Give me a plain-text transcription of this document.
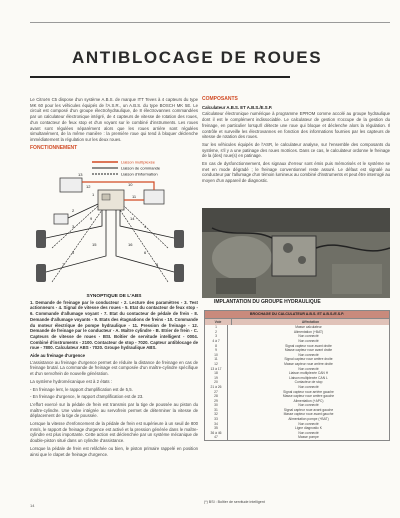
ANTIBLOCAGE DE ROUES

Le Citroën C5 dispose d'un système A.B.S. de marque ITT Teves à 4 capteurs du type MK 60 pour les véhicules équipés de l'A.S.R., un A.B.S. du type BOSCH MK 5E. Le circuit est composé d'un groupe électrohydraulique, de 8 électrovannes commandées par un calculateur électronique intégré, de 4 capteurs de vitesse de rotation des roues, d'un contacteur de feux stop et d'un voyant sur le combiné d'instruments. Les roues avant sont régulées séparément alors que les roues arrière sont régulées simultanément, de la même manière : la première roue qui tend à bloquer déclenche immédiatement la régulation sur les deux roues.

FONCTIONNEMENT
Liaison multiplexée
Liaison de commande
Liaison d'information
13
12
1	11
10
2
3	4
5	6
7	8
9	14
15	16
SYNOPTIQUE DE L'ABS

1. Demande de freinage par le conducteur - 2. Lecture des paramètres - 3. Test actionneurs - 4. Signal de vitesse des roues - 5. Etat du contacteur de feux stop - 6. Commande d'allumage voyant - 7. Etat du contacteur de pédale de frein - 8. Demande d'allumage voyants - 9. Etats des étagnations de freins - 10. Commande du moteur électrique de pompe hydraulique - 11. Pression de freinage - 12. Demande de freinage par le conducteur - A. Maître cylindre - B. Etrier de frein - C. Capteurs de vitesse de roues - BSI. Boîtier de servitude intelligent - 0004. Combiné d'instruments - 2100. Contacteur de stop - 7020. Capteur antiblocage de roue - 7800. Calculateur ABS - 7020. Groupe hydraulique ABS.

Aide au freinage d'urgence

L'assistance au freinage d'urgence permet de réduire la distance de freinage en cas de freinage brutal. La commande de freinage est composée d'un maître-cylindre spécifique et d'un servofrein de nouvelle génération.

La système hydromécanique est à 2 états :

- En freinage lent, le rapport d'amplification est de 5,5.

- En freinage d'urgence, le rapport d'amplification est de 23.

L'effort exercé sur la pédale de frein est transmis par la tige de poussée au piston du maître-cylindre. Une valve intégrée au servofrein permet de déterminer la vitesse de déplacement de la tige de poussée.

Lorsque la vitesse d'enfoncement de la pédale de frein est supérieure à un seuil de 800 mm/s, le rapport de freinage d'urgence est activé et la pression générée dans le maître-cylindre est plus importante. Cette action est déclenchée par un système mécanique de double-piston situé dans un cylindre d'assistance.

Lorsque la pédale de frein est relâchée ou bien, le piston primaire rappelé en position ainsi que le clapet de freinage d'urgence.

COMPOSANTS
Calculateur A.B.S. ET A.B.S./E.S.P.

Calculateur électronique numérique à programme EPROM comme accolé au groupe hydraulique dont il est le complément indissociable. Le calculateur de gestion s'occupe de la gestion du freinage, en particulier lorsqu'il détecte une roue qui bloque et déclenche alors la régulation. Il contrôle et surveille les électrovannes en fonction des informations fournies par les capteurs de vitesse de rotation des roues.

Sur les véhicules équipés de l'ASR, le calculateur analyse, sur l'ensemble des composants du système, s'il y a une patinage des roues motrices. Dans ce cas, le calculateur ordonne le freinage de la (des) roue(s) en patinage.

En cas de dysfonctionnement, des signaux d'erreur sont émis puis mémorisés et le système se met en mode dégradé ; le freinage conventionnel reste assuré. Le défaut est signalé au conducteur par l'allumage d'un témoin lumineux au combiné d'instruments et peut être interrogé au moyen d'un appareil de diagnostic.

IMPLANTATION DU GROUPE HYDRAULIQUE
BROCHAGE DU CALCULATEUR A.B.S. ET A.B.S./E.S.P.
Voie	Affectation
1	Masse calculateur
2	Alimentation (+BAT)
3	Non connecté
4 à 7	Non connecté
8	Signal capteur roue avant droite
9	Masse capteur roue avant droite
10	Non connecté
11	Signal capteur roue arrière droite
12	Masse capteur roue arrière droite
13 à 17	Non connecté
18	Liaison multiplexée CAN H
19	Liaison multiplexée CAN L
20	Contacteur de stop
21 à 26	Non connecté
27	Signal capteur roue arrière gauche
28	Masse capteur roue arrière gauche
29	Alimentation (+APC)
30	Non connecté
31	Signal capteur roue avant gauche
32	Masse capteur roue avant gauche
33	Alimentation pompe (+BAT)
34	Non connecté
35	Ligne diagnostic K
36 à 46	Non connecté
47	Masse pompe
(*) BSI : Boîtier de servitude intelligent
14
